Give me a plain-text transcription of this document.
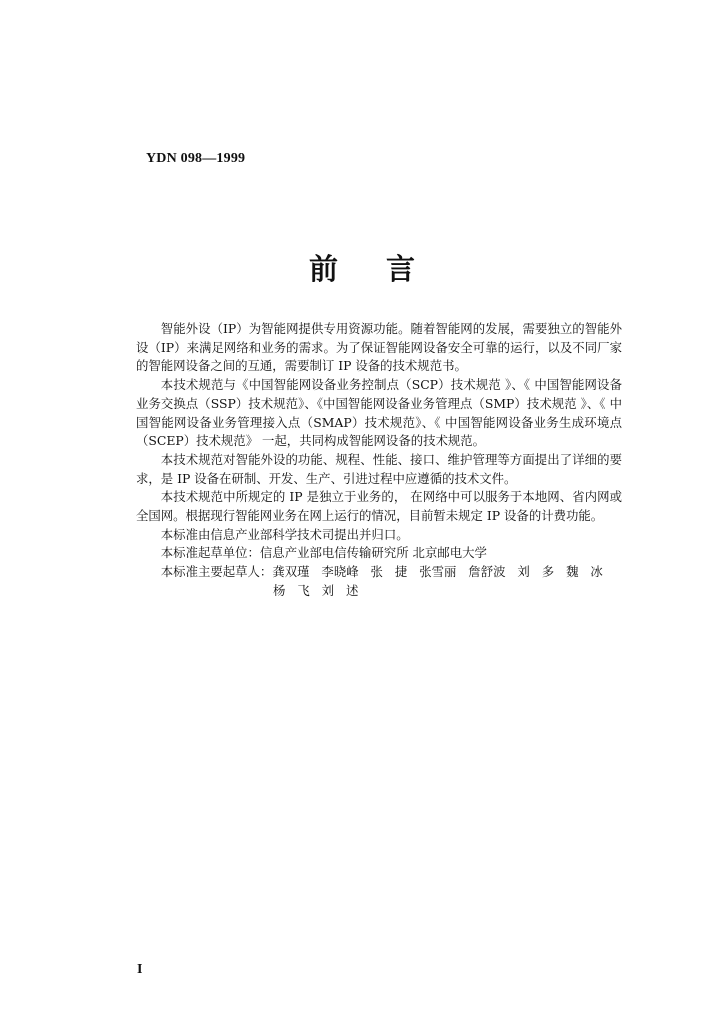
YDN 098—1999
前言

智能外设（IP）为智能网提供专用资源功能。随着智能网的发展，需要独立的智能外设（IP）来满足网络和业务的需求。为了保证智能网设备安全可靠的运行，以及不同厂家的智能网设备之间的互通，需要制订 IP 设备的技术规范书。

本技术规范与《中国智能网设备业务控制点（SCP）技术规范 》、《 中国智能网设备业务交换点（SSP）技术规范》、《中国智能网设备业务管理点（SMP）技术规范 》、《 中国智能网设备业务管理接入点（SMAP）技术规范》、《 中国智能网设备业务生成环境点（SCEP）技术规范》 一起，共同构成智能网设备的技术规范。

本技术规范对智能外设的功能、规程、性能、接口、维护管理等方面提出了详细的要求，是 IP 设备在研制、开发、生产、引进过程中应遵循的技术文件。

本技术规范中所规定的 IP 是独立于业务的， 在网络中可以服务于本地网、省内网或全国网。根据现行智能网业务在网上运行的情况，目前暂未规定 IP 设备的计费功能。

本标准由信息产业部科学技术司提出并归口。

本标准起草单位：信息产业部电信传输研究所 北京邮电大学

本标准主要起草人：龚双瑾 李晓峰 张 捷 张雪丽 詹舒波 刘 多 魏 冰

杨 飞 刘 述

I
